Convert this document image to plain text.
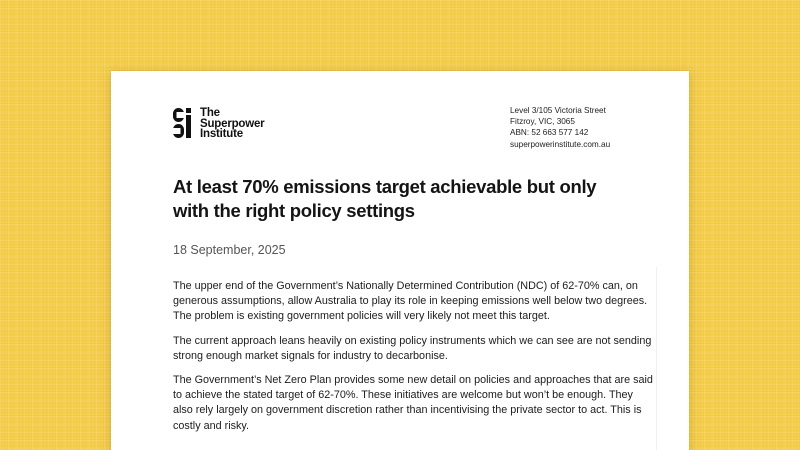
The
Superpower
Institute
Level 3/105 Victoria Street
Fitzroy, VIC, 3065
ABN: 52 663 577 142
superpowerinstitute.com.au
At least 70% emissions target achievable but only with the right policy settings
18 September, 2025

The upper end of the Government’s Nationally Determined Contribution (NDC) of 62-70% can, on generous assumptions, allow Australia to play its role in keeping emissions well below two degrees. The problem is existing government policies will very likely not meet this target.

The current approach leans heavily on existing policy instruments which we can see are not sending strong enough market signals for industry to decarbonise.

The Government’s Net Zero Plan provides some new detail on policies and approaches that are said to achieve the stated target of 62-70%. These initiatives are welcome but won’t be enough. They also rely largely on government discretion rather than incentivising the private sector to act. This is costly and risky.
